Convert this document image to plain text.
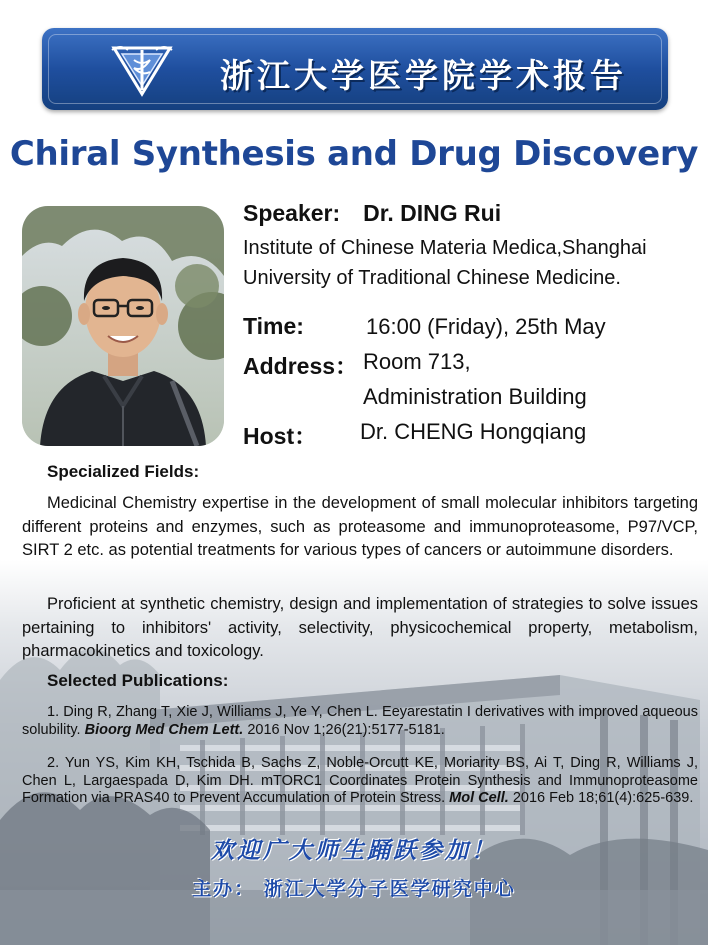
浙江大学医学院学术报告
Chiral Synthesis and Drug Discovery
Speaker: Dr. DING Rui
Institute of Chinese Materia Medica,Shanghai
University of Traditional Chinese Medicine.
Time:	16:00 (Friday), 25th May
Address： Room 713,
Administration Building
Host： Dr. CHENG Hongqiang
Specialized Fields:
Medicinal Chemistry expertise in the development of small molecular inhibitors targeting different proteins and enzymes, such as proteasome and immunoproteasome, P97/VCP, SIRT 2 etc. as potential treatments for various types of cancers or autoimmune disorders.
Proficient at synthetic chemistry, design and implementation of strategies to solve issues pertaining to inhibitors' activity, selectivity, physicochemical property, metabolism, pharmacokinetics and toxicology.
Selected Publications:
1. Ding R, Zhang T, Xie J, Williams J, Ye Y, Chen L. Eeyarestatin I derivatives with improved aqueous solubility. Bioorg Med Chem Lett. 2016 Nov 1;26(21):5177-5181.
2. Yun YS, Kim KH, Tschida B, Sachs Z, Noble-Orcutt KE, Moriarity BS, Ai T, Ding R, Williams J, Chen L, Largaespada D, Kim DH. mTORC1 Coordinates Protein Synthesis and Immunoproteasome Formation via PRAS40 to Prevent Accumulation of Protein Stress. Mol Cell. 2016 Feb 18;61(4):625-639.
欢迎广大师生踊跃参加！
主办： 浙江大学分子医学研究中心
